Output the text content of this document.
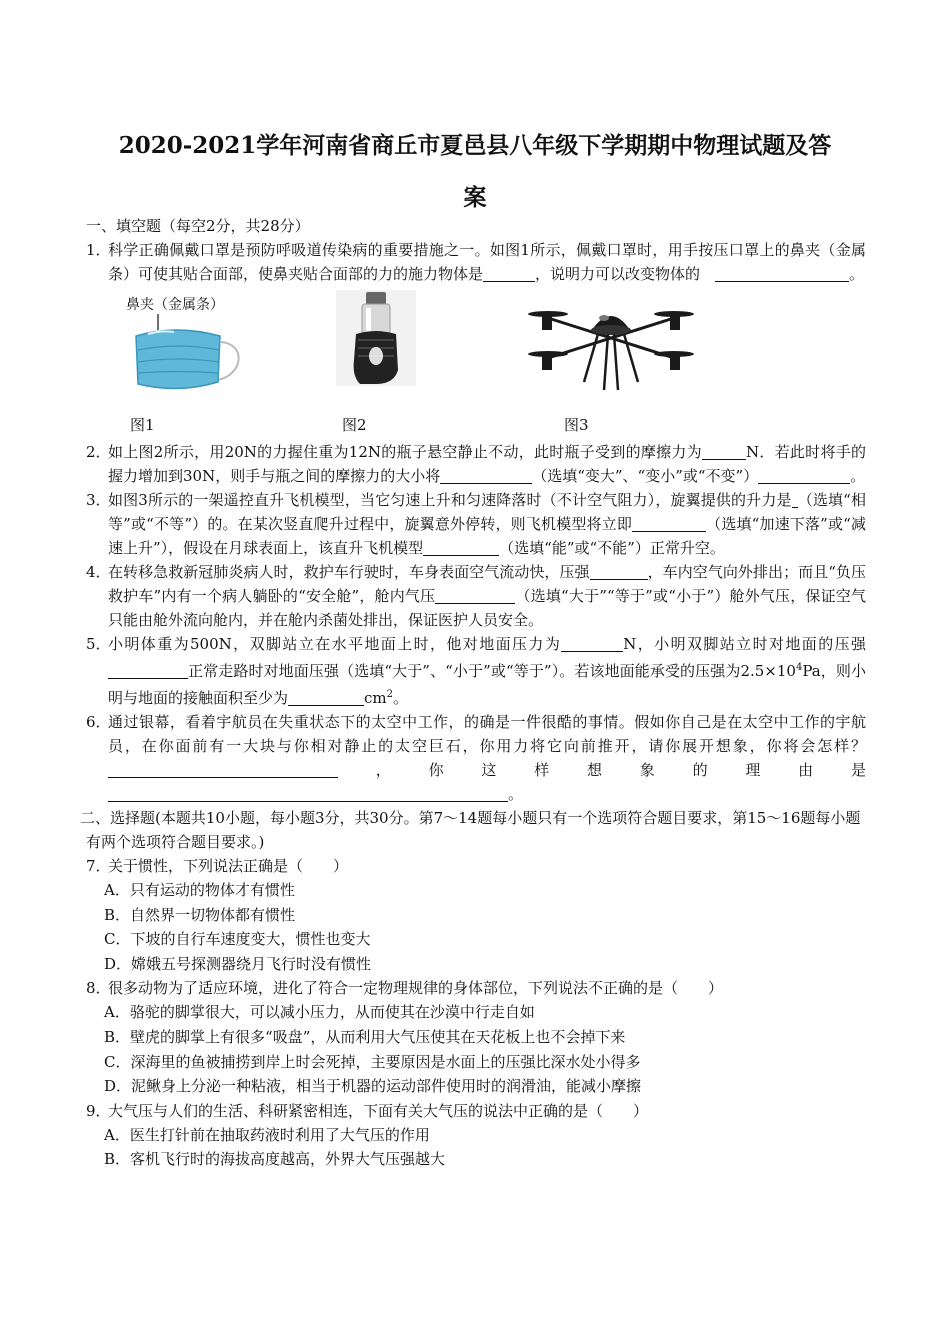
2020-2021学年河南省商丘市夏邑县八年级下学期期中物理试题及答
案

一、填空题（每空2分，共28分）

1．
科学正确佩戴口罩是预防呼吸道传染病的重要措施之一。如图1所示，佩戴口罩时，用手按压口罩上的鼻夹（金属条）可使其贴合面部，使鼻夹贴合面部的力的施力物体是	，说明力可以改变物体的 	。
鼻夹（金属条）
图1	图2	图3
2．
如上图2所示，用20N的力握住重为12N的瓶子悬空静止不动，此时瓶子受到的摩擦力为	N．若此时将手的握力增加到30N，则手与瓶之间的摩擦力的大小将	（选填“变大”、“变小”或“不变”）	。
3．
如图3所示的一架遥控直升飞机模型，当它匀速上升和匀速降落时（不计空气阻力），旋翼提供的升力是 （选填“相等”或“不等”）的。在某次竖直爬升过程中，旋翼意外停转，则飞机模型将立即	（选填“加速下落”或“减速上升”），假设在月球表面上，该直升飞机模型	（选填“能”或“不能”）正常升空。
4．
在转移急救新冠肺炎病人时，救护车行驶时，车身表面空气流动快，压强	，车内空气向外排出；而且“负压救护车”内有一个病人躺卧的“安全舱”，舱内气压	（选填“大于”“等于”或“小于”）舱外气压，保证空气只能由舱外流向舱内，并在舱内杀菌处排出，保证医护人员安全。
5．
小明体重为500N，双脚站立在水平地面上时，他对地面压力为	N，小明双脚站立时对地面的压强正常走路时对地面压强（选填“大于”、“小于”或“等于”）。若该地面能承受的压强为$2.5\times 10^4Pa$，则小明与地面的接触面积至少为	$cm^2$。
6．
通过银幕，看着宇航员在失重状态下的太空中工作，的确是一件很酷的事情。假如你自己是在太空中工作的宇航员，在你面前有一大块与你相对静止的太空巨石，你用力将它向前推开，请你展开想象，你将会怎样？，你这样想象的理由是。

二、选择题(本题共10小题，每小题3分，共30分。第7～14题每小题只有一个选项符合题目要求，第15～16题每小题有两个选项符合题目要求。)

7．
关于惯性，下列说法正确是（　　）
A．只有运动的物体才有惯性
B．自然界一切物体都有惯性
C．下坡的自行车速度变大，惯性也变大
D．嫦娥五号探测器绕月飞行时没有惯性
8．
很多动物为了适应环境，进化了符合一定物理规律的身体部位，下列说法不正确的是（　　）
A．骆驼的脚掌很大，可以减小压力，从而使其在沙漠中行走自如
B．壁虎的脚掌上有很多“吸盘”，从而利用大气压使其在天花板上也不会掉下来
C．深海里的鱼被捕捞到岸上时会死掉，主要原因是水面上的压强比深水处小得多
D．泥鳅身上分泌一种粘液，相当于机器的运动部件使用时的润滑油，能减小摩擦
9．
大气压与人们的生活、科研紧密相连，下面有关大气压的说法中正确的是（　　）
A．医生打针前在抽取药液时利用了大气压的作用
B．客机飞行时的海拔高度越高，外界大气压强越大
